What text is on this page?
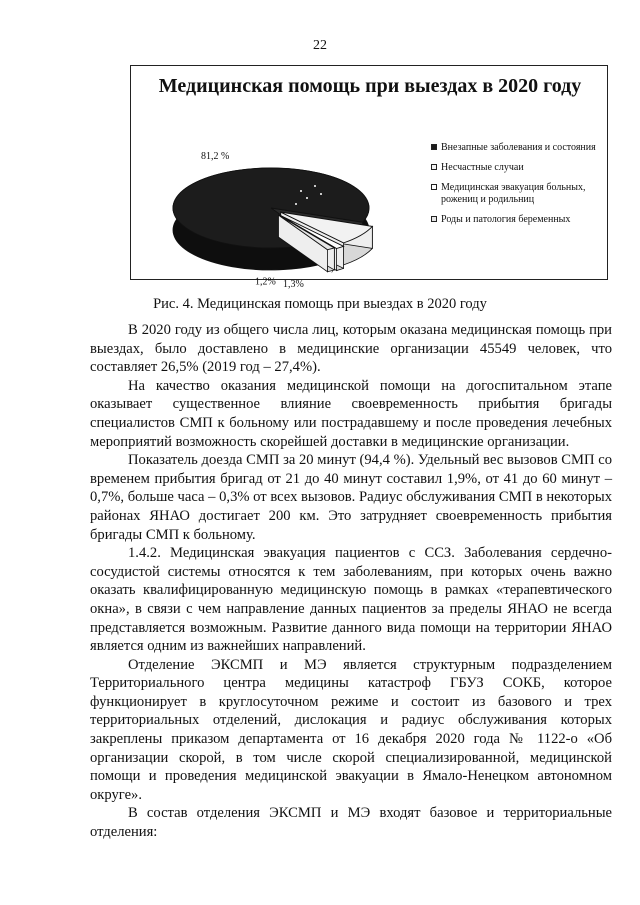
22
Медицинская помощь при выездах в 2020 году
81,2 %
1,3%
1,2%
Внезапные заболевания и состояния
Несчастные случаи
Медицинская эвакуация больных, рожениц и родильниц
Роды и патология беременных
Рис. 4. Медицинская помощь при выездах в 2020 году

В 2020 году из общего числа лиц, которым оказана медицинская помощь при выездах, было доставлено в медицинские организации 45549 человек, что составляет 26,5% (2019 год – 27,4%).

На качество оказания медицинской помощи на догоспитальном этапе оказывает существенное влияние своевременность прибытия бригады специалистов СМП к больному или пострадавшему и после проведения лечебных мероприятий возможность скорейшей доставки в медицинские организации.

Показатель доезда СМП за 20 минут (94,4 %). Удельный вес вызовов СМП со временем прибытия бригад от 21 до 40 минут составил 1,9%, от 41 до 60 минут – 0,7%, больше часа – 0,3% от всех вызовов. Радиус обслуживания СМП в некоторых районах ЯНАО достигает 200 км. Это затрудняет своевременность прибытия бригады СМП к больному.

1.4.2. Медицинская эвакуация пациентов с ССЗ. Заболевания сердечно-сосудистой системы относятся к тем заболеваниям, при которых очень важно оказать квалифицированную медицинскую помощь в рамках «терапевтического окна», в связи с чем направление данных пациентов за пределы ЯНАО не всегда представляется возможным. Развитие данного вида помощи на территории ЯНАО является одним из важнейших направлений.

Отделение ЭКСМП и МЭ является структурным подразделением Территориального центра медицины катастроф ГБУЗ СОКБ, которое функционирует в круглосуточном режиме и состоит из базового и трех территориальных отделений, дислокация и радиус обслуживания которых закреплены приказом департамента от 16 декабря 2020 года № 1122-о «Об организации скорой, в том числе скорой специализированной, медицинской помощи и проведения медицинской эвакуации в Ямало-Ненецком автономном округе».

В состав отделения ЭКСМП и МЭ входят базовое и территориальные отделения:
